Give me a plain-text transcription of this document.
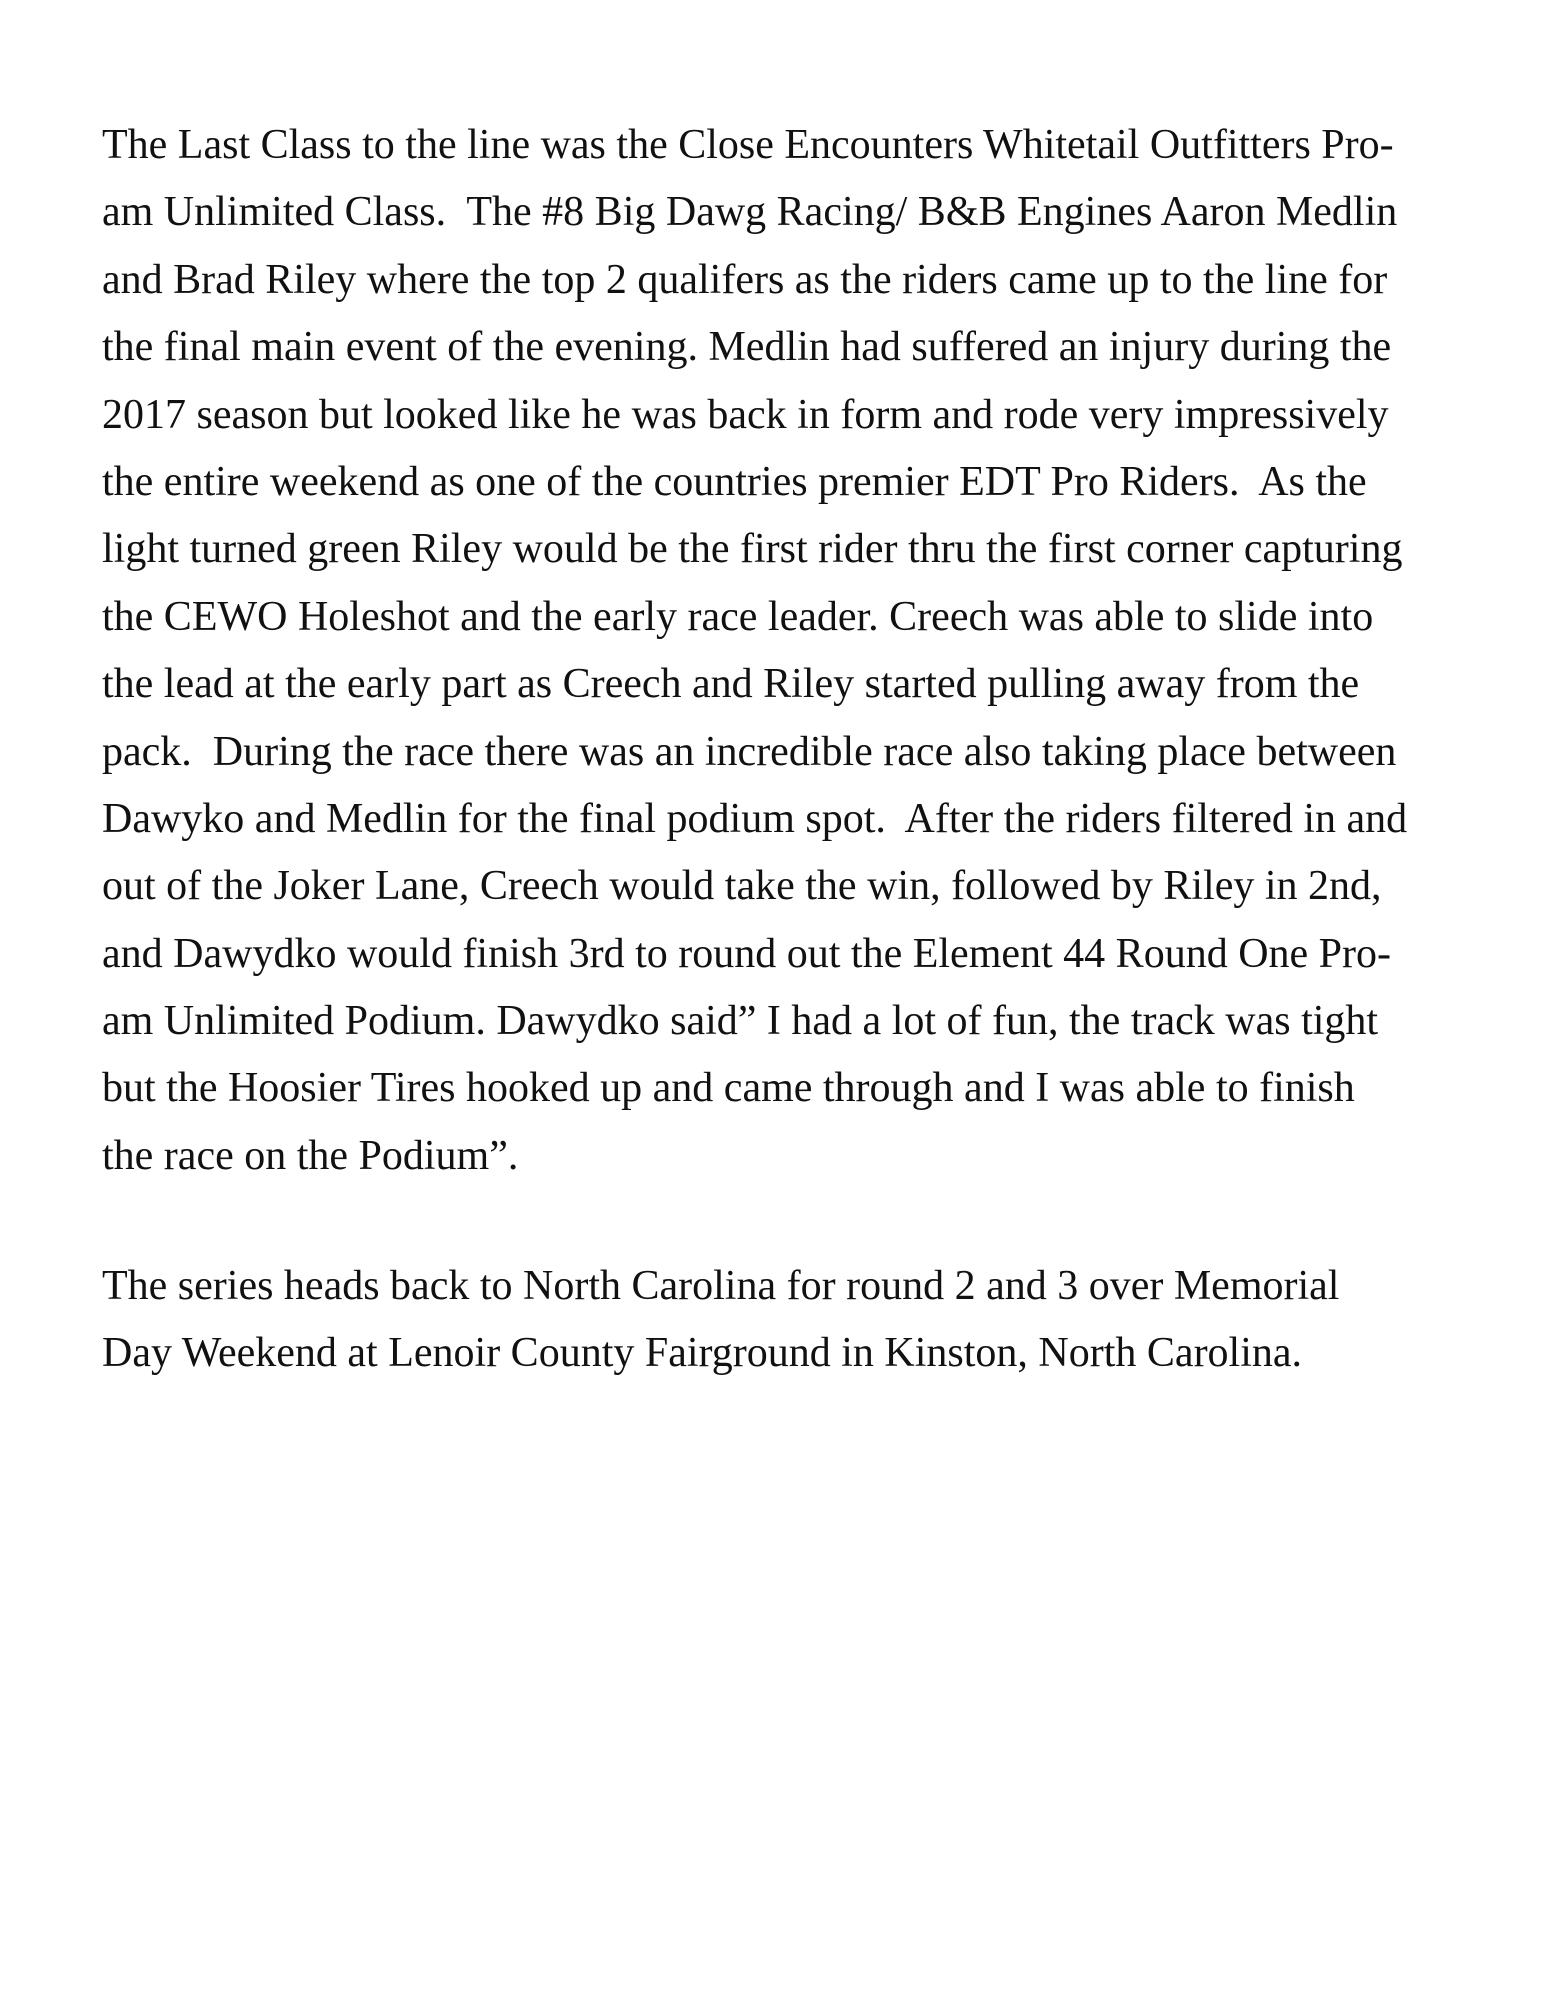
The Last Class to the line was the Close Encounters Whitetail Outfitters Pro-
am Unlimited Class.  The #8 Big Dawg Racing/ B&B Engines Aaron Medlin
and Brad Riley where the top 2 qualifers as the riders came up to the line for
the final main event of the evening. Medlin had suffered an injury during the
2017 season but looked like he was back in form and rode very impressively
the entire weekend as one of the countries premier EDT Pro Riders.  As the
light turned green Riley would be the first rider thru the first corner capturing
the CEWO Holeshot and the early race leader. Creech was able to slide into
the lead at the early part as Creech and Riley started pulling away from the
pack.  During the race there was an incredible race also taking place between
Dawyko and Medlin for the final podium spot.  After the riders filtered in and
out of the Joker Lane, Creech would take the win, followed by Riley in 2nd,
and Dawydko would finish 3rd to round out the Element 44 Round One Pro-
am Unlimited Podium. Dawydko said” I had a lot of fun, the track was tight
but the Hoosier Tires hooked up and came through and I was able to finish
the race on the Podium”.
The series heads back to North Carolina for round 2 and 3 over Memorial
Day Weekend at Lenoir County Fairground in Kinston, North Carolina.
